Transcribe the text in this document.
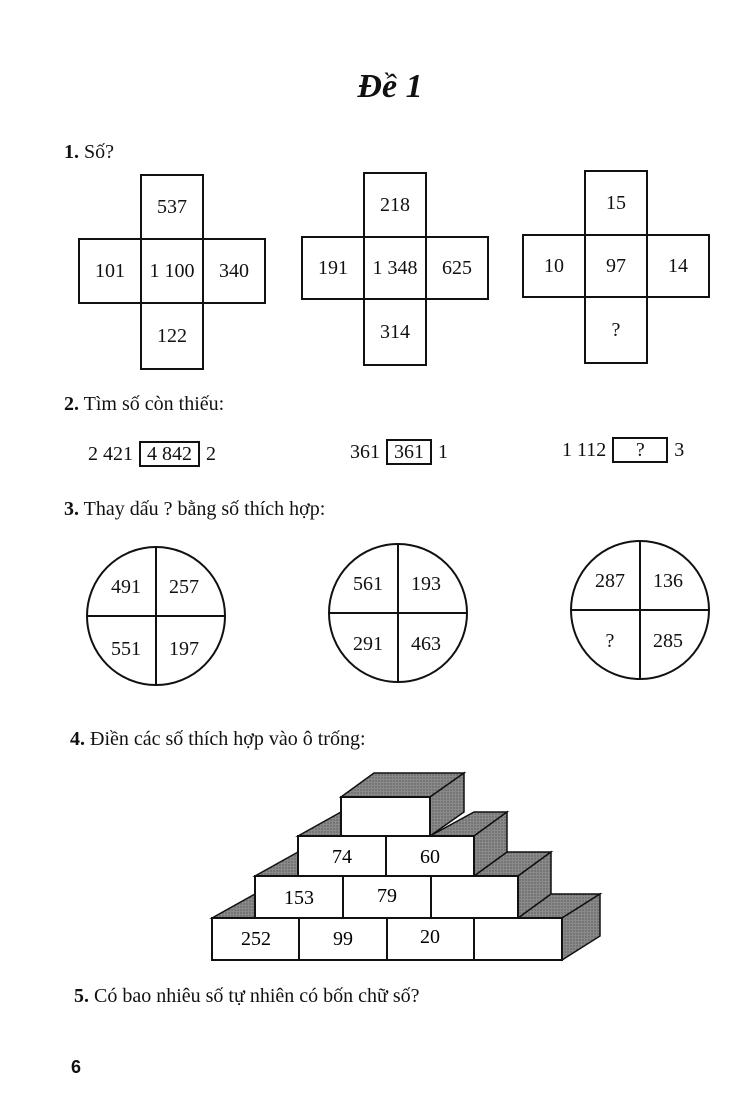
Đề 1
1. Số?
537
101	1 100	340
122
218
191	1 348	625
314
15
10	97	14
?
2. Tìm số còn thiếu:
2 421 4 842 2	361 361 1	1 112	?	3
3. Thay dấu ? bằng số thích hợp:
491	257
551	197
561	193
291	463
287	136
?	285
4. Điền các số thích hợp vào ô trống:
74	60
153	79
252	99	20
5. Có bao nhiêu số tự nhiên có bốn chữ số?
6
